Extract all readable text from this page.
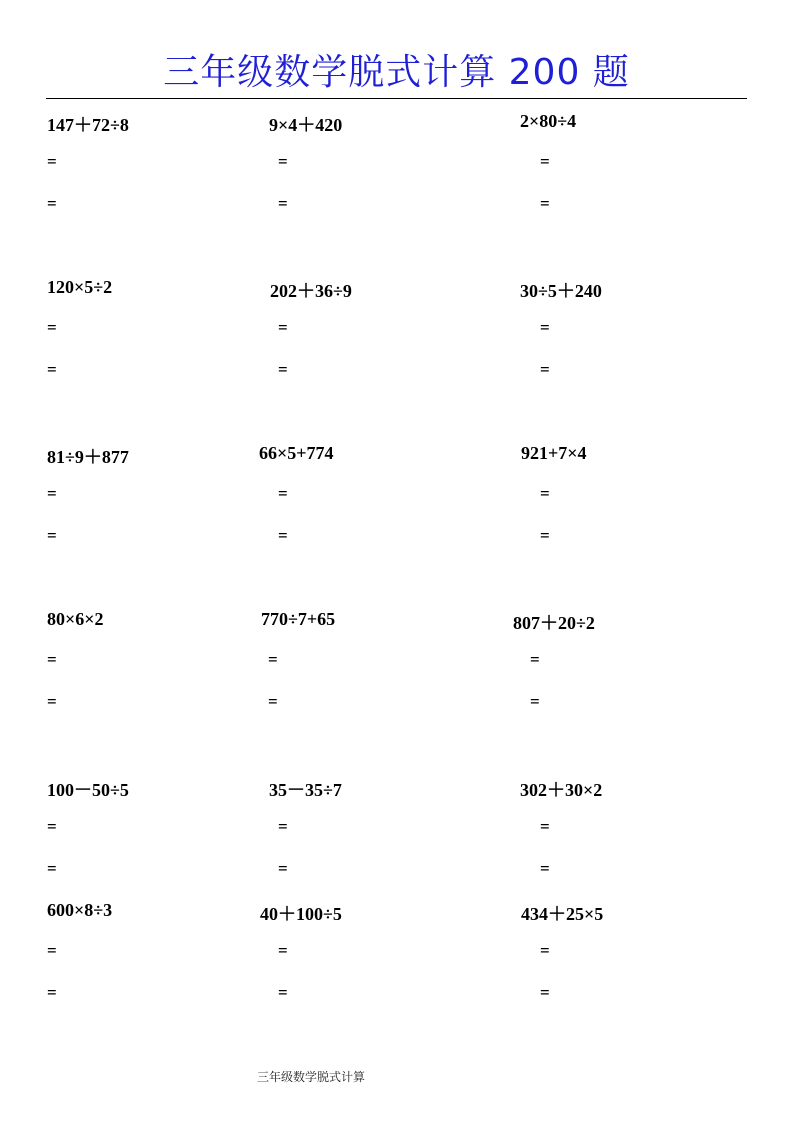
三年级数学脱式计算 200 题
147＋72÷8
=
=
9×4＋420
=
=
2×80÷4
=
=
120×5÷2
=
=
202＋36÷9
=
=
30÷5＋240
=
=
81÷9＋877
=
=
66×5+774
=
=
921+7×4
=
=
80×6×2
=
=
770÷7+65
=
=
807＋20÷2
=
=
100－50÷5
=
=
35－35÷7
=
=
302＋30×2
=
=
600×8÷3
=
=
40＋100÷5
=
=
434＋25×5
=
=
三年级数学脱式计算
